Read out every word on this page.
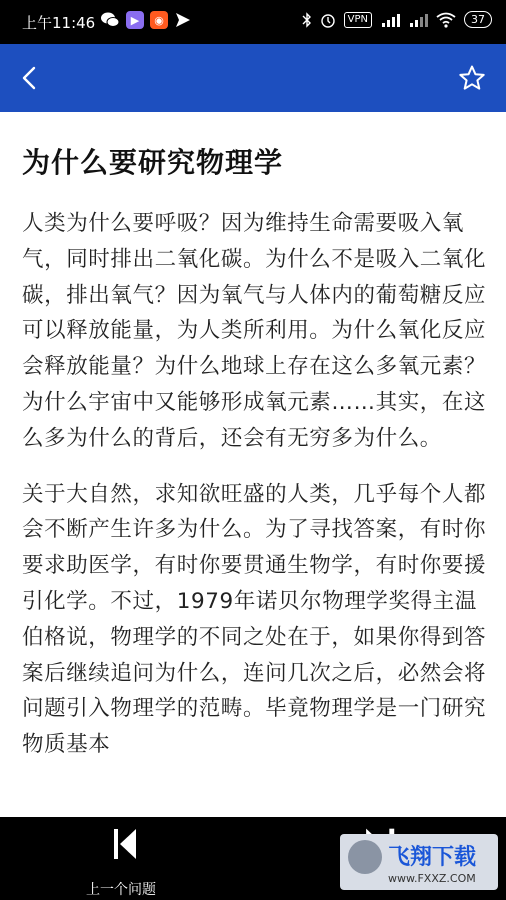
上午11:46	▶	◉	VPN	37
为什么要研究物理学

人类为什么要呼吸？因为维持生命需要吸入氧气，同时排出二氧化碳。为什么不是吸入二氧化碳，排出氧气？因为氧气与人体内的葡萄糖反应可以释放能量，为人类所利用。为什么氧化反应会释放能量？为什么地球上存在这么多氧元素？为什么宇宙中又能够形成氧元素……其实，在这么多为什么的背后，还会有无穷多为什么。

关于大自然，求知欲旺盛的人类，几乎每个人都会不断产生许多为什么。为了寻找答案，有时你要求助医学，有时你要贯通生物学，有时你要援引化学。不过，1979年诺贝尔物理学奖得主温伯格说，物理学的不同之处在于，如果你得到答案后继续追问为什么，连问几次之后，必然会将问题引入物理学的范畴。毕竟物理学是一门研究物质基本

上一个问题
飞翔下载
www.FXXZ.COM
